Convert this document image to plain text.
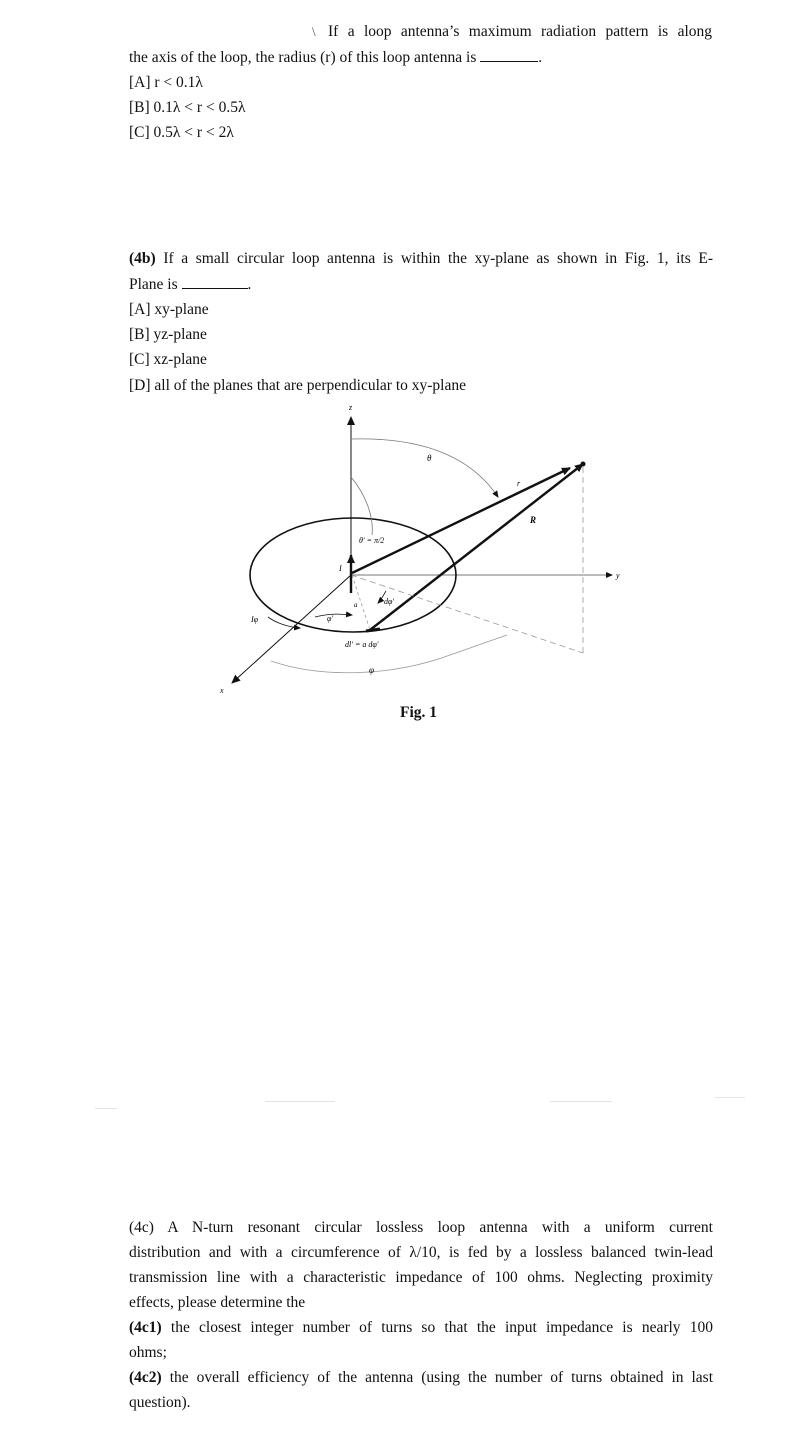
\ If a loop antenna’s maximum radiation pattern is along
the axis of the loop, the radius (r) of this loop antenna is	.
[A] r < 0.1λ
[B] 0.1λ < r < 0.5λ
[C] 0.5λ < r < 2λ
(4b) If a small circular loop antenna is within the xy-plane as shown in Fig. 1, its E-
Plane is	.
[A] xy-plane
[B] yz-plane
[C] xz-plane
[D] all of the planes that are perpendicular to xy-plane
z
y
x
θ
θ′ = π/2
r
R
I
a	dφ′
φ′
Iφ
dl′ = a dφ′
φ
Fig. 1
(4c) A N-turn resonant circular lossless loop antenna with a uniform current
distribution and with a circumference of λ/10, is fed by a lossless balanced twin-lead
transmission line with a characteristic impedance of 100 ohms. Neglecting proximity
effects, please determine the
(4c1) the closest integer number of turns so that the input impedance is nearly 100
ohms;
(4c2) the overall efficiency of the antenna (using the number of turns obtained in last
question).
